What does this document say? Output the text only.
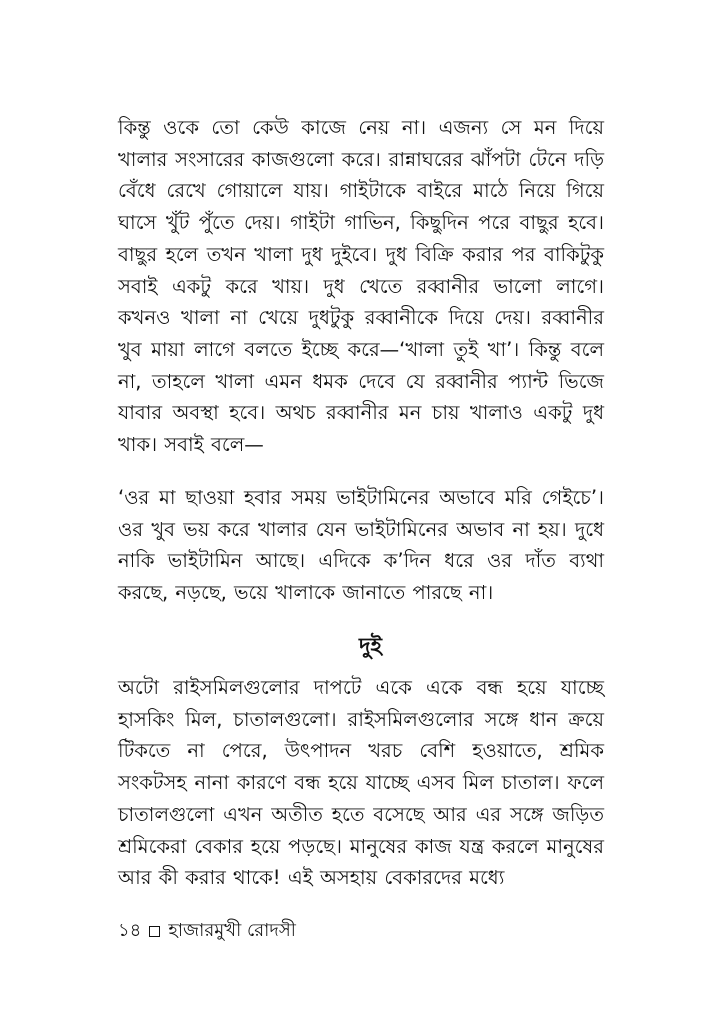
কিন্তু ওকে তো কেউ কাজে নেয় না। এজন্য সে মন দিয়ে খালার সংসারের কাজগুলো করে। রান্নাঘরের ঝাঁপটা টেনে দড়ি বেঁধে রেখে গোয়ালে যায়। গাইটাকে বাইরে মাঠে নিয়ে গিয়ে ঘাসে খুঁট পুঁতে দেয়। গাইটা গাভিন, কিছুদিন পরে বাছুর হবে। বাছুর হলে তখন খালা দুধ দুইবে। দুধ বিক্রি করার পর বাকিটুকু সবাই একটু করে খায়। দুধ খেতে রব্বানীর ভালো লাগে। কখনও খালা না খেয়ে দুধটুকু রব্বানীকে দিয়ে দেয়। রব্বানীর খুব মায়া লাগে বলতে ইচ্ছে করে—‘খালা তুই খা’। কিন্তু বলে না, তাহলে খালা এমন ধমক দেবে যে রব্বানীর প্যান্ট ভিজে যাবার অবস্থা হবে। অথচ রব্বানীর মন চায় খালাও একটু দুধ খাক। সবাই বলে—

‘ওর মা ছাওয়া হবার সময় ভাইটামিনের অভাবে মরি গেইচে’। ওর খুব ভয় করে খালার যেন ভাইটামিনের অভাব না হয়। দুধে নাকি ভাইটামিন আছে। এদিকে ক’দিন ধরে ওর দাঁত ব্যথা করছে, নড়ছে, ভয়ে খালাকে জানাতে পারছে না।

দুই

অটো রাইসমিলগুলোর দাপটে একে একে বন্ধ হয়ে যাচ্ছে হাসকিং মিল, চাতালগুলো। রাইসমিলগুলোর সঙ্গে ধান ক্রয়ে টিকতে না পেরে, উৎপাদন খরচ বেশি হওয়াতে, শ্রমিক সংকটসহ নানা কারণে বন্ধ হয়ে যাচ্ছে এসব মিল চাতাল। ফলে চাতালগুলো এখন অতীত হতে বসেছে আর এর সঙ্গে জড়িত শ্রমিকেরা বেকার হয়ে পড়ছে। মানুষের কাজ যন্ত্র করলে মানুষের আর কী করার থাকে! এই অসহায় বেকারদের মধ্যে

১৪ হাজারমুখী রোদসী
